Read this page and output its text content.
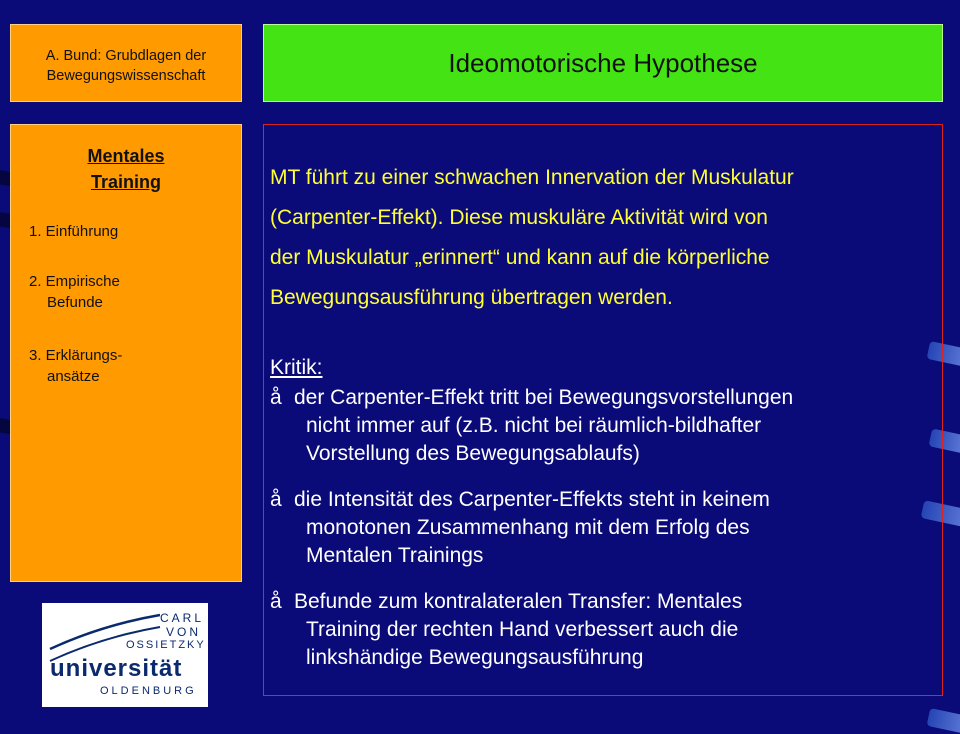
A. Bund: Grubdlagen der
Bewegungswissenschaft	Ideomotorische Hypothese
Mentales
Training
1. Einführung
2. Empirische
Befunde
3. Erklärungs-
ansätze
MT führt zu einer schwachen Innervation der Muskulatur
(Carpenter-Effekt). Diese muskuläre Aktivität wird von
der Muskulatur „erinnert“ und kann auf die körperliche
Bewegungsausführung übertragen werden.
Kritik:
å der Carpenter-Effekt tritt bei Bewegungsvorstellungen
nicht immer auf (z.B. nicht bei räumlich-bildhafter
Vorstellung des Bewegungsablaufs)
å die Intensität des Carpenter-Effekts steht in keinem
monotonen Zusammenhang mit dem Erfolg des
Mentalen Trainings
å Befunde zum kontralateralen Transfer: Mentales
Training der rechten Hand verbessert auch die
linkshändige Bewegungsausführung
CARL
VON
OSSIETZKY
universität
OLDENBURG
